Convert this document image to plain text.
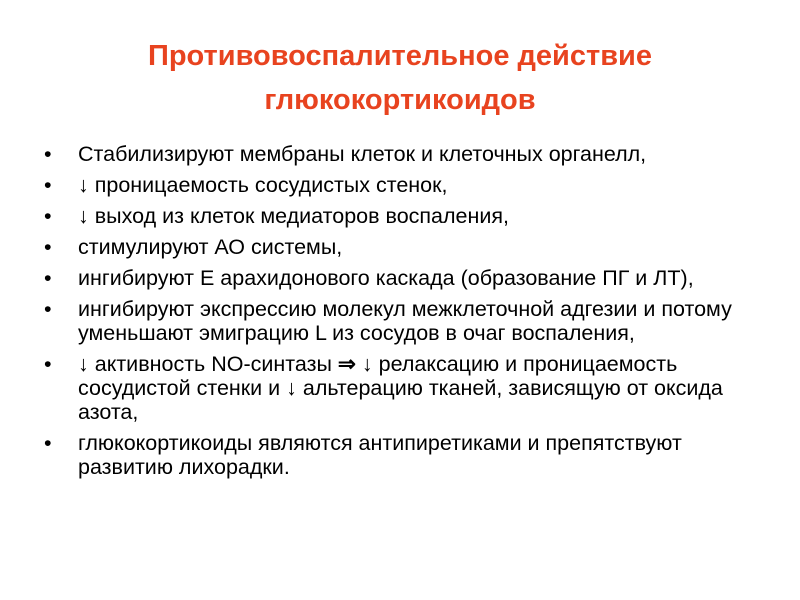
Противовоспалительное действие
глюкокортикоидов
•	Стабилизируют мембраны клеток и клеточных органелл,
•	↓ проницаемость сосудистых стенок,
•	↓ выход из клеток медиаторов воспаления,
•	стимулируют АО системы,
•	ингибируют Е арахидонового каскада (образование ПГ и ЛТ),
•	ингибируют экспрессию молекул межклеточной адгезии и потому уменьшают эмиграцию L из сосудов в очаг воспаления,
•	↓ активность NO-синтазы ⇒ ↓ релаксацию и проницаемость сосудистой стенки и ↓ альтерацию тканей, зависящую от оксида азота,
•	глюкокортикоиды являются антипиретиками и препятствуют развитию лихорадки.
